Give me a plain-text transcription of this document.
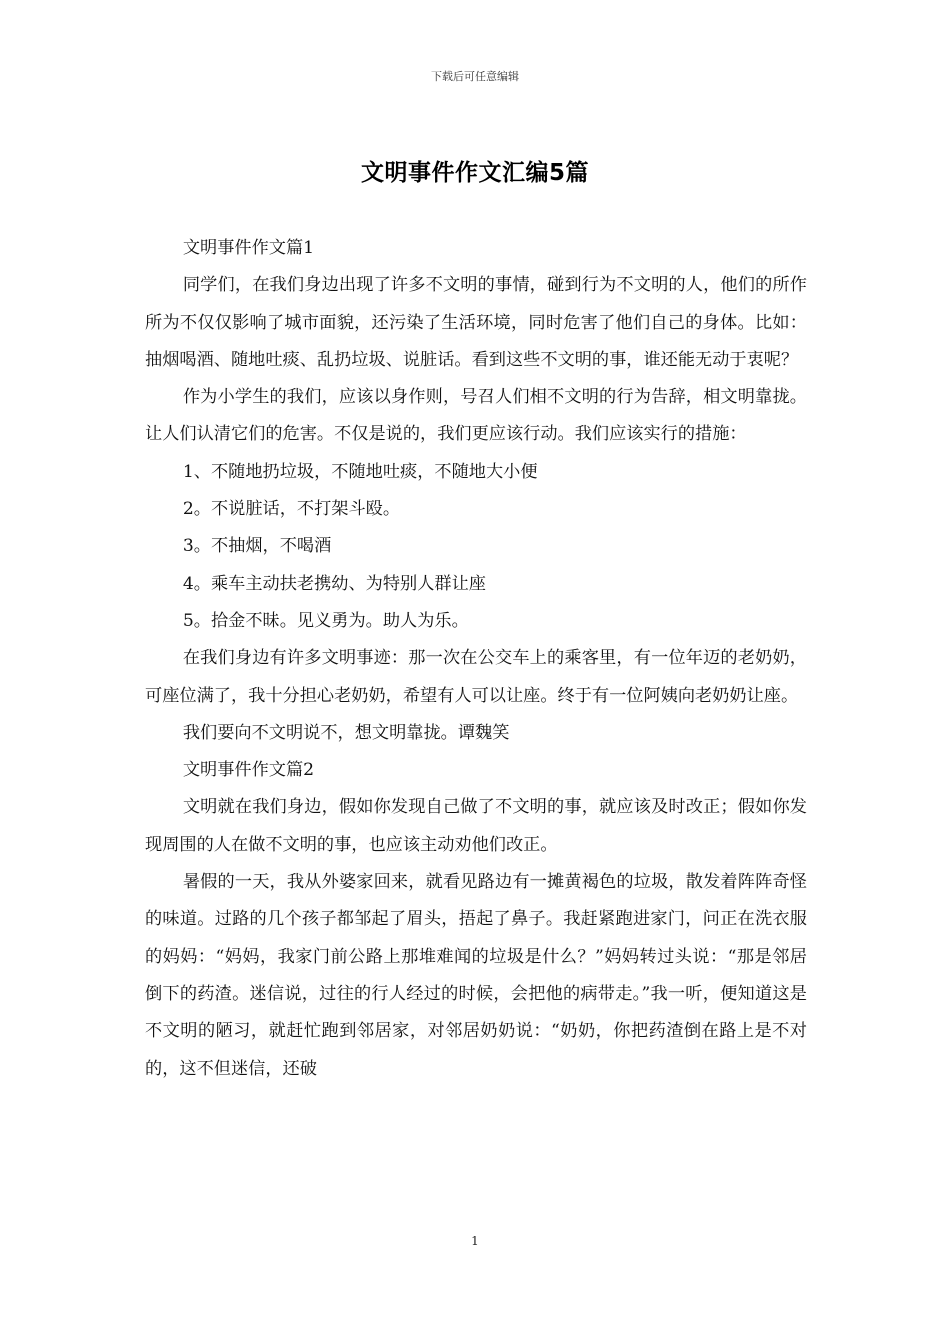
下载后可任意编辑
文明事件作文汇编5篇

文明事件作文篇1

同学们，在我们身边出现了许多不文明的事情，碰到行为不文明的人，他们的所作所为不仅仅影响了城市面貌，还污染了生活环境，同时危害了他们自己的身体。比如：抽烟喝酒、随地吐痰、乱扔垃圾、说脏话。看到这些不文明的事，谁还能无动于衷呢？

作为小学生的我们，应该以身作则，号召人们相不文明的行为告辞，相文明靠拢。让人们认清它们的危害。不仅是说的，我们更应该行动。我们应该实行的措施：

1、不随地扔垃圾，不随地吐痰，不随地大小便

2。不说脏话，不打架斗殴。

3。不抽烟，不喝酒

4。乘车主动扶老携幼、为特别人群让座

5。拾金不昧。见义勇为。助人为乐。

在我们身边有许多文明事迹：那一次在公交车上的乘客里，有一位年迈的老奶奶，可座位满了，我十分担心老奶奶，希望有人可以让座。终于有一位阿姨向老奶奶让座。

我们要向不文明说不，想文明靠拢。谭魏笑

文明事件作文篇2

文明就在我们身边，假如你发现自己做了不文明的事，就应该及时改正；假如你发现周围的人在做不文明的事，也应该主动劝他们改正。

暑假的一天，我从外婆家回来，就看见路边有一摊黄褐色的垃圾，散发着阵阵奇怪的味道。过路的几个孩子都邹起了眉头，捂起了鼻子。我赶紧跑进家门，问正在洗衣服的妈妈：“妈妈，我家门前公路上那堆难闻的垃圾是什么？”妈妈转过头说：“那是邻居倒下的药渣。迷信说，过往的行人经过的时候，会把他的病带走。”我一听，便知道这是不文明的陋习，就赶忙跑到邻居家，对邻居奶奶说：“奶奶，你把药渣倒在路上是不对的，这不但迷信，还破

1
